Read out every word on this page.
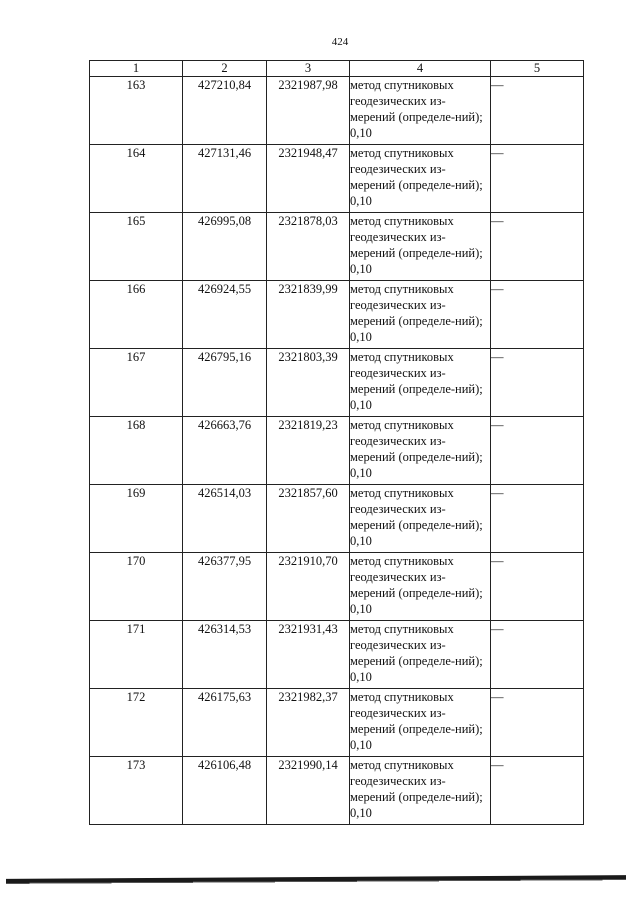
424
1	2	3	4	5
163	427210,84	2321987,98	метод спутниковых геодезических из-мерений (определе-ний); 0,10	—
164	427131,46	2321948,47	метод спутниковых геодезических из-мерений (определе-ний); 0,10	—
165	426995,08	2321878,03	метод спутниковых геодезических из-мерений (определе-ний); 0,10	—
166	426924,55	2321839,99	метод спутниковых геодезических из-мерений (определе-ний); 0,10	—
167	426795,16	2321803,39	метод спутниковых геодезических из-мерений (определе-ний); 0,10	—
168	426663,76	2321819,23	метод спутниковых геодезических из-мерений (определе-ний); 0,10	—
169	426514,03	2321857,60	метод спутниковых геодезических из-мерений (определе-ний); 0,10	—
170	426377,95	2321910,70	метод спутниковых геодезических из-мерений (определе-ний); 0,10	—
171	426314,53	2321931,43	метод спутниковых геодезических из-мерений (определе-ний); 0,10	—
172	426175,63	2321982,37	метод спутниковых геодезических из-мерений (определе-ний); 0,10	—
173	426106,48	2321990,14	метод спутниковых геодезических из-мерений (определе-ний); 0,10	—
